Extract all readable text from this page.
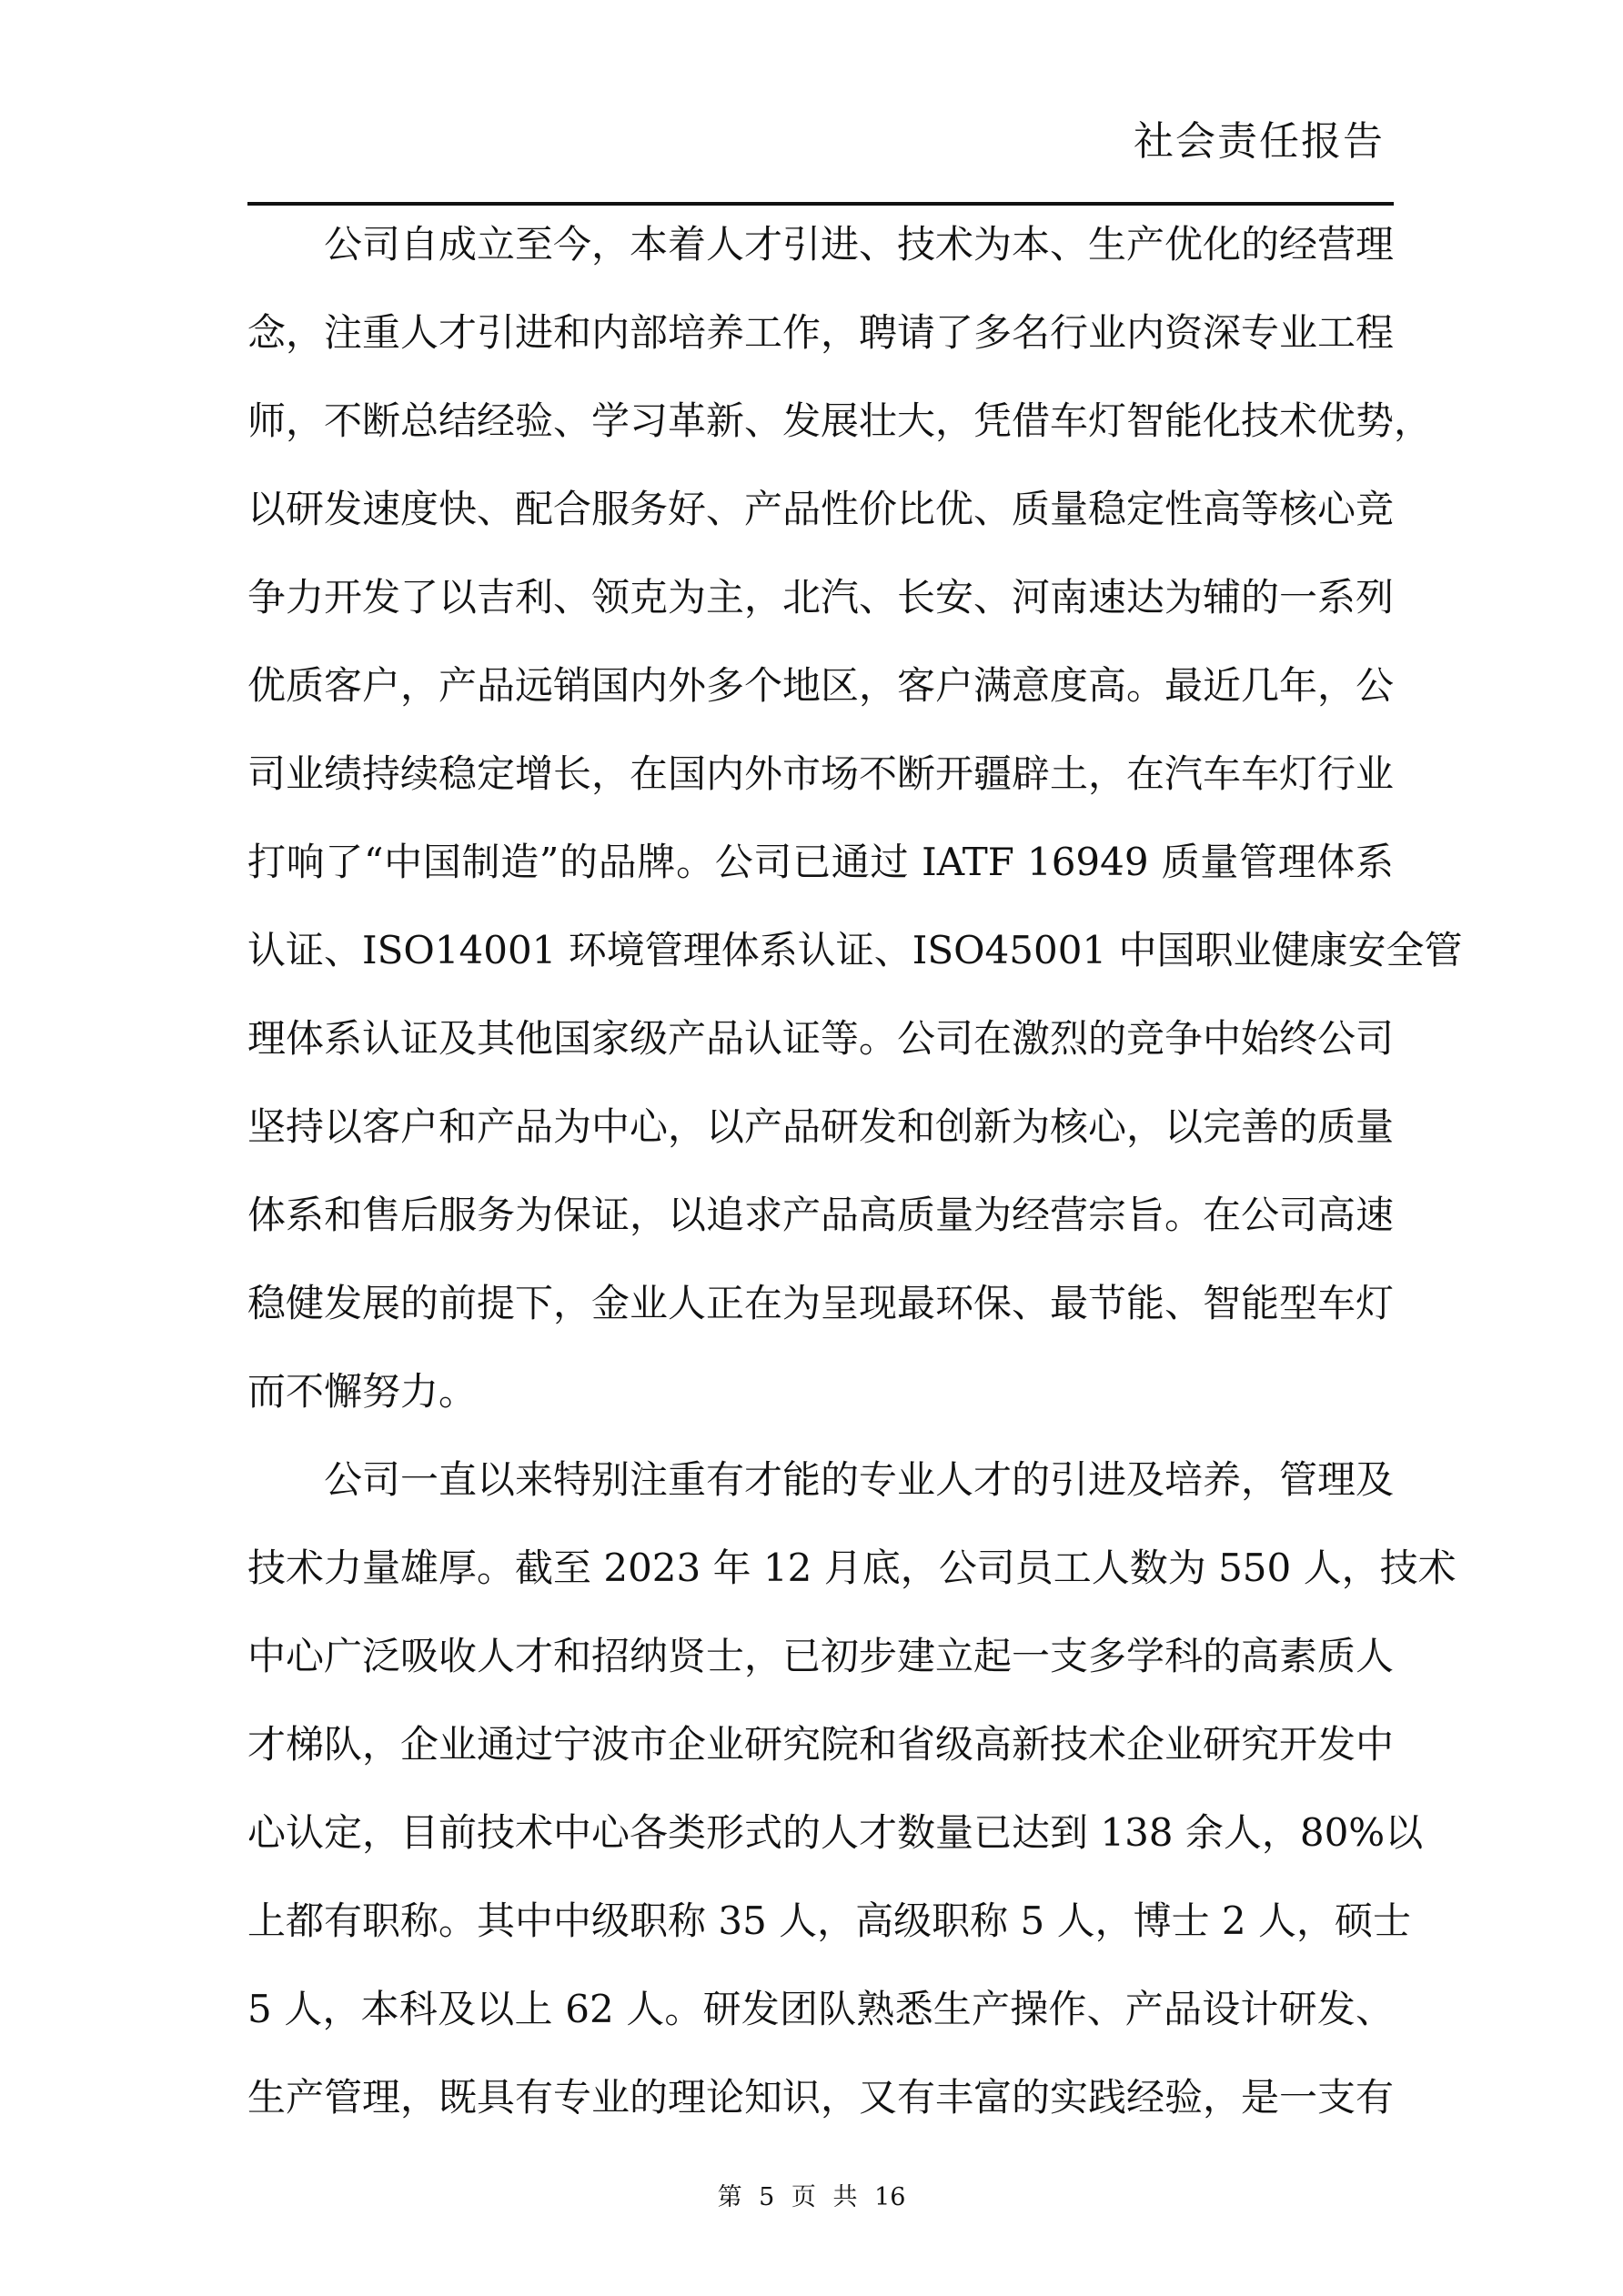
社会责任报告
公司自成立至今，本着人才引进、技术为本、生产优化的经营理
念，注重人才引进和内部培养工作，聘请了多名行业内资深专业工程
师，不断总结经验、学习革新、发展壮大，凭借车灯智能化技术优势，
以研发速度快、配合服务好、产品性价比优、质量稳定性高等核心竞
争力开发了以吉利、领克为主，北汽、长安、河南速达为辅的一系列
优质客户，产品远销国内外多个地区，客户满意度高。最近几年，公
司业绩持续稳定增长，在国内外市场不断开疆辟土，在汽车车灯行业
打响了“中国制造”的品牌。公司已通过 IATF 16949 质量管理体系
认证、ISO14001 环境管理体系认证、ISO45001 中国职业健康安全管
理体系认证及其他国家级产品认证等。公司在激烈的竞争中始终公司
坚持以客户和产品为中心，以产品研发和创新为核心，以完善的质量
体系和售后服务为保证，以追求产品高质量为经营宗旨。在公司高速
稳健发展的前提下，金业人正在为呈现最环保、最节能、智能型车灯
而不懈努力。
公司一直以来特别注重有才能的专业人才的引进及培养，管理及
技术力量雄厚。截至 2023 年 12 月底，公司员工人数为 550 人，技术
中心广泛吸收人才和招纳贤士，已初步建立起一支多学科的高素质人
才梯队，企业通过宁波市企业研究院和省级高新技术企业研究开发中
心认定，目前技术中心各类形式的人才数量已达到 138 余人，80%以
上都有职称。其中中级职称 35 人，高级职称 5 人，博士 2 人，硕士
5 人，本科及以上 62 人。研发团队熟悉生产操作、产品设计研发、
生产管理，既具有专业的理论知识，又有丰富的实践经验，是一支有
第 5 页 共 16
